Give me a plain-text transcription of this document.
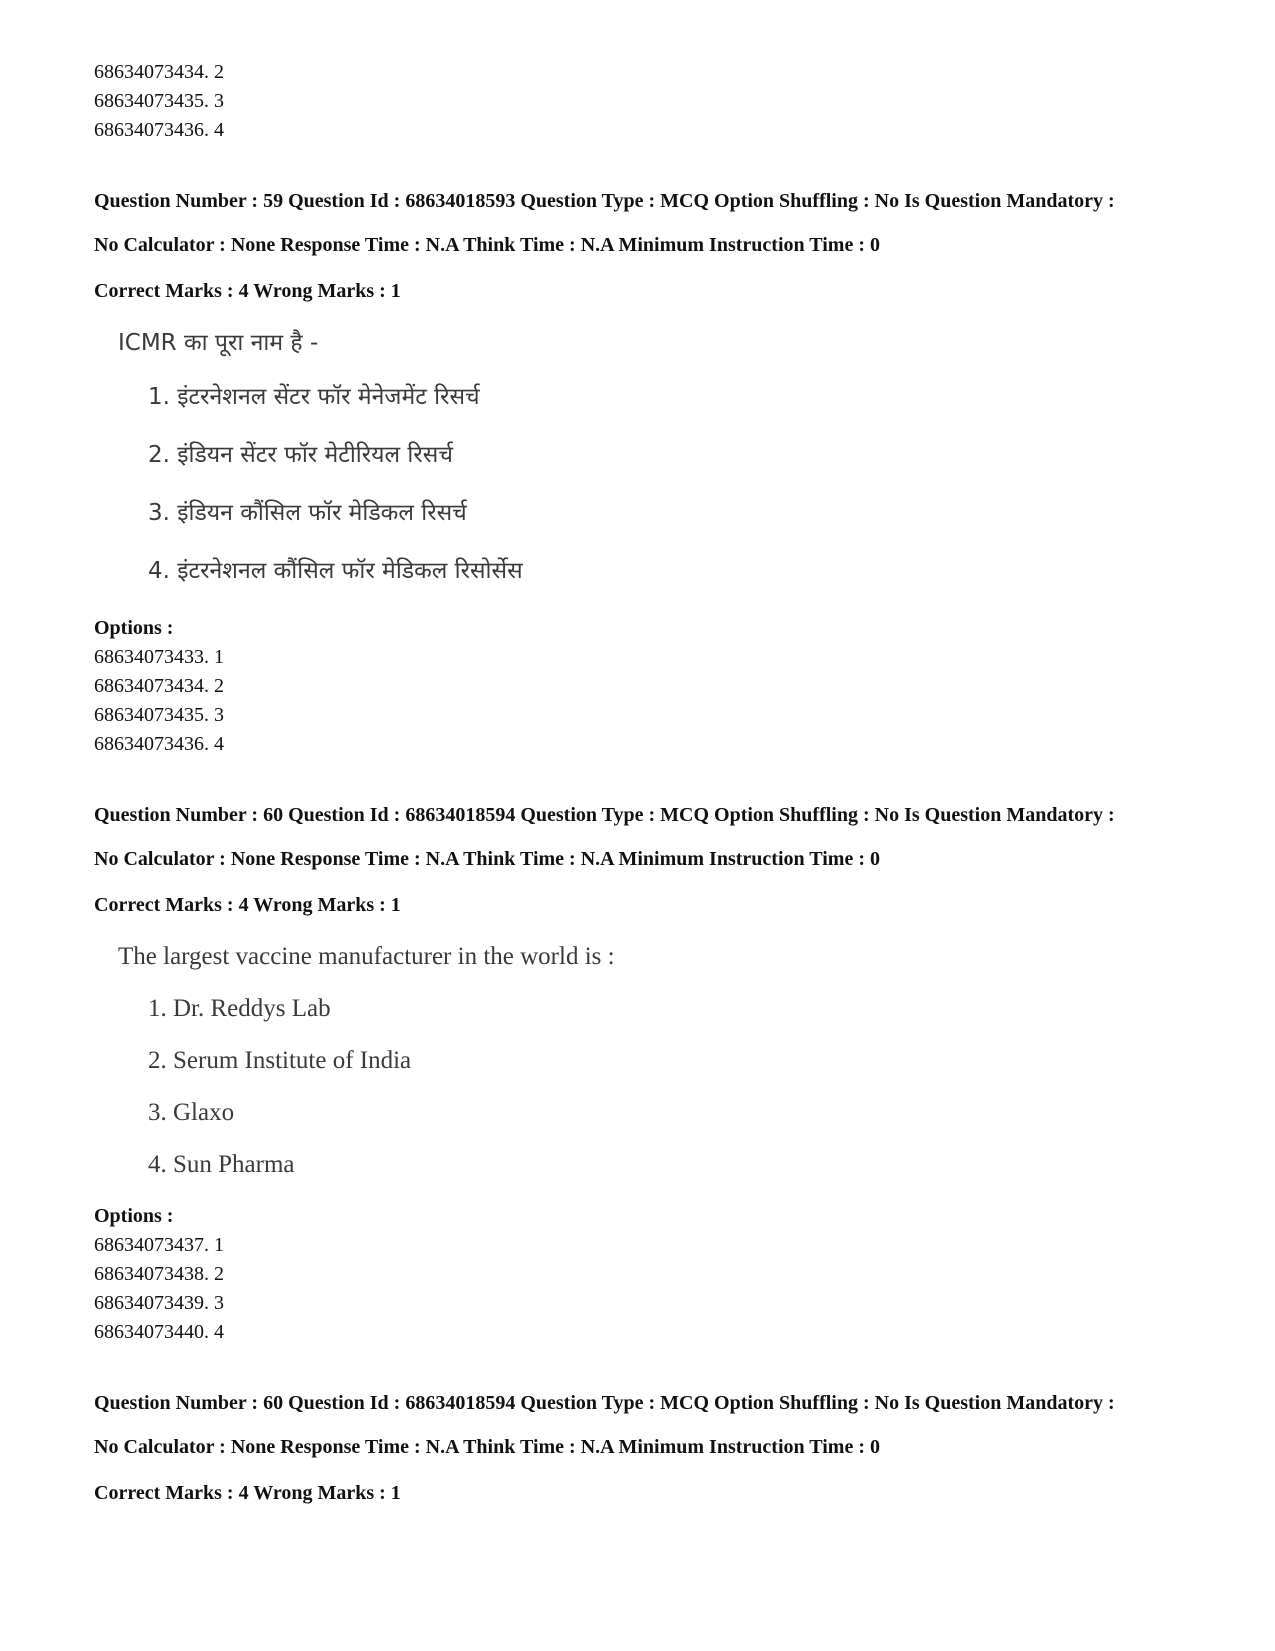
68634073434. 2

68634073435. 3

68634073436. 4

Question Number : 59 Question Id : 68634018593 Question Type : MCQ Option Shuffling : No Is Question Mandatory :

No Calculator : None Response Time : N.A Think Time : N.A Minimum Instruction Time : 0

Correct Marks : 4 Wrong Marks : 1

ICMR का पूरा नाम है -

1. इंटरनेशनल सेंटर फॉर मेनेजमेंट रिसर्च

2. इंडियन सेंटर फॉर मेटीरियल रिसर्च

3. इंडियन कौंसिल फॉर मेडिकल रिसर्च

4. इंटरनेशनल कौंसिल फॉर मेडिकल रिसोर्सेस

Options :

68634073433. 1

68634073434. 2

68634073435. 3

68634073436. 4

Question Number : 60 Question Id : 68634018594 Question Type : MCQ Option Shuffling : No Is Question Mandatory :

No Calculator : None Response Time : N.A Think Time : N.A Minimum Instruction Time : 0

Correct Marks : 4 Wrong Marks : 1

The largest vaccine manufacturer in the world is :

1. Dr. Reddys Lab

2. Serum Institute of India

3. Glaxo

4. Sun Pharma

Options :

68634073437. 1

68634073438. 2

68634073439. 3

68634073440. 4

Question Number : 60 Question Id : 68634018594 Question Type : MCQ Option Shuffling : No Is Question Mandatory :

No Calculator : None Response Time : N.A Think Time : N.A Minimum Instruction Time : 0

Correct Marks : 4 Wrong Marks : 1
